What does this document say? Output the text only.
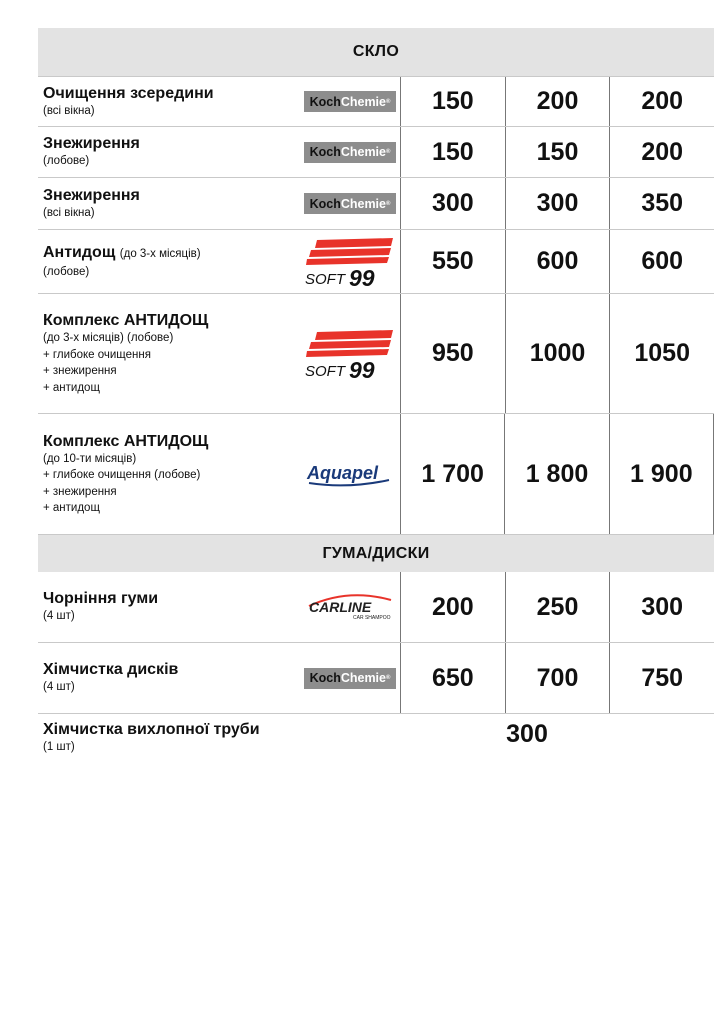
СКЛО
Очищення зсередини
(всі вікна)
Koch Chemie ®	150	200	200
Знежирення
(лобове)
Koch Chemie ®	150	150	200
Знежирення
(всі вікна)
Koch Chemie ®	300	300	350
Антидощ (до 3-х місяців)
(лобове)	SOFT 99
550	600	600
Комплекс АНТИДОЩ
(до 3-х місяців) (лобове)
+ глибоке очищення
+ знежирення
+ антидощ
SOFT 99
950	1000	1050
Комплекс АНТИДОЩ
(до 10-ти місяців)
+ глибоке очищення (лобове)
+ знежирення
+ антидощ
Aquapel	1 700	1 800	1 900
ГУМА/ДИСКИ
Чорніння гуми
(4 шт)
CARLINE
CAR SHAMPOO	200	250	300
Хімчистка дисків
(4 шт)
Koch Chemie ®	650	700	750
Хімчистка вихлопної труби
(1 шт)	300
